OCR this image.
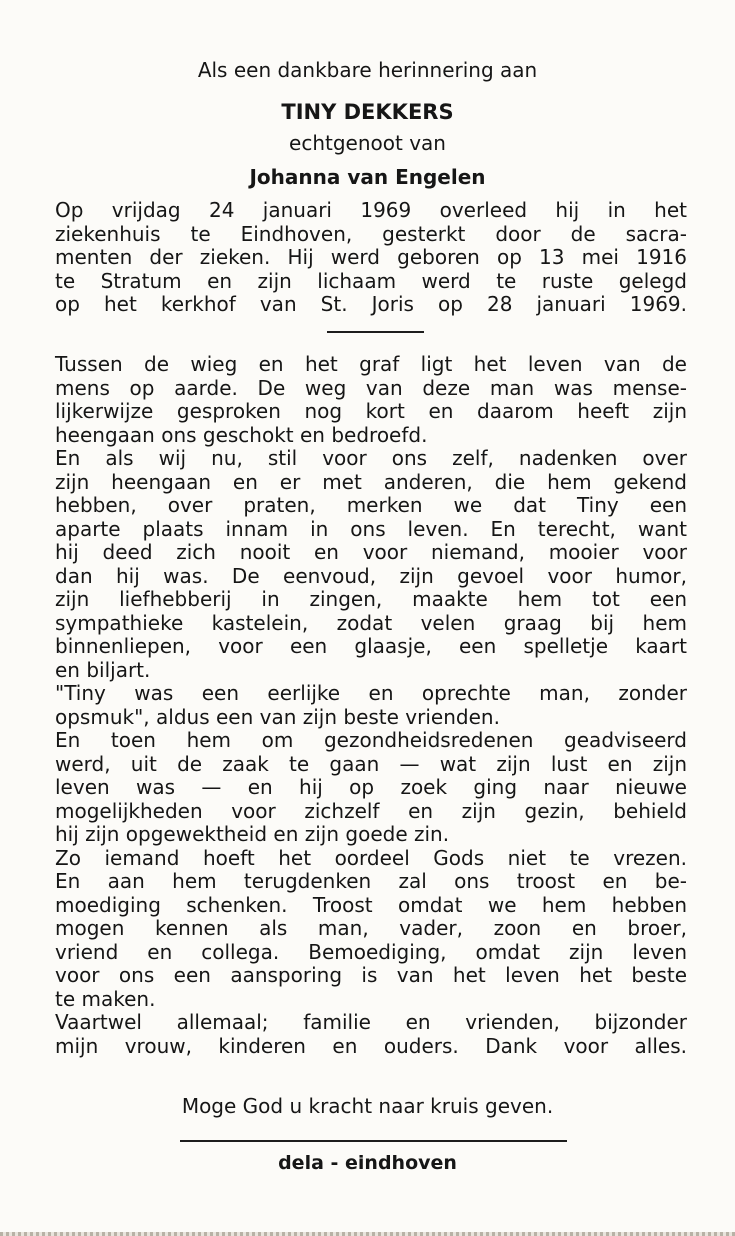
Als een dankbare herinnering aan
TINY DEKKERS
echtgenoot van
Johanna van Engelen
Op vrijdag 24 januari 1969 overleed hij in het
ziekenhuis te Eindhoven, gesterkt door de sacra-
menten der zieken. Hij werd geboren op 13 mei 1916
te Stratum en zijn lichaam werd te ruste gelegd
op het kerkhof van St. Joris op 28 januari 1969.
Tussen de wieg en het graf ligt het leven van de
mens op aarde. De weg van deze man was mense-
lijkerwijze gesproken nog kort en daarom heeft zijn
heengaan ons geschokt en bedroefd.
En als wij nu, stil voor ons zelf, nadenken over
zijn heengaan en er met anderen, die hem gekend
hebben, over praten, merken we dat Tiny een
aparte plaats innam in ons leven. En terecht, want
hij deed zich nooit en voor niemand, mooier voor
dan hij was. De eenvoud, zijn gevoel voor humor,
zijn liefhebberij in zingen, maakte hem tot een
sympathieke kastelein, zodat velen graag bij hem
binnenliepen, voor een glaasje, een spelletje kaart
en biljart.
"Tiny was een eerlijke en oprechte man, zonder
opsmuk", aldus een van zijn beste vrienden.
En toen hem om gezondheidsredenen geadviseerd
werd, uit de zaak te gaan — wat zijn lust en zijn
leven was — en hij op zoek ging naar nieuwe
mogelijkheden voor zichzelf en zijn gezin, behield
hij zijn opgewektheid en zijn goede zin.
Zo iemand hoeft het oordeel Gods niet te vrezen.
En aan hem terugdenken zal ons troost en be-
moediging schenken. Troost omdat we hem hebben
mogen kennen als man, vader, zoon en broer,
vriend en collega. Bemoediging, omdat zijn leven
voor ons een aansporing is van het leven het beste
te maken.
Vaartwel allemaal; familie en vrienden, bijzonder
mijn vrouw, kinderen en ouders. Dank voor alles.
Moge God u kracht naar kruis geven.
dela - eindhoven
